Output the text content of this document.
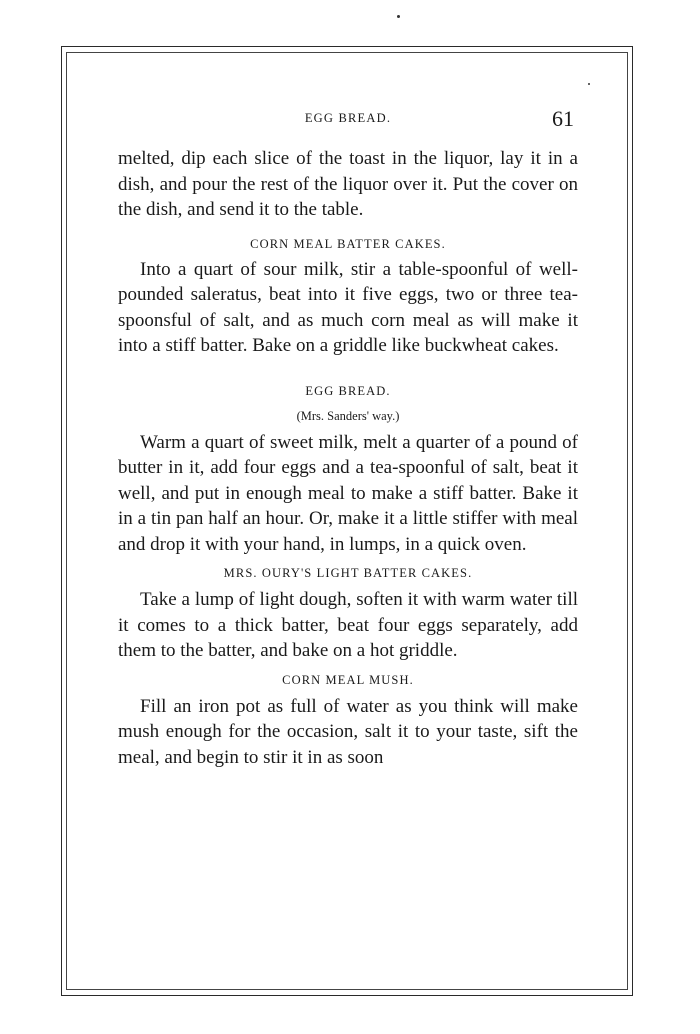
EGG BREAD.	61

melted, dip each slice of the toast in the liquor, lay it in a dish, and pour the rest of the liquor over it. Put the cover on the dish, and send it to the table.

CORN MEAL BATTER CAKES.

Into a quart of sour milk, stir a table-spoonful of well-pounded saleratus, beat into it five eggs, two or three tea-spoonsful of salt, and as much corn meal as will make it into a stiff batter. Bake on a griddle like buckwheat cakes.

EGG BREAD.

(Mrs. Sanders' way.)

Warm a quart of sweet milk, melt a quarter of a pound of butter in it, add four eggs and a tea-spoonful of salt, beat it well, and put in enough meal to make a stiff batter. Bake it in a tin pan half an hour. Or, make it a little stiffer with meal and drop it with your hand, in lumps, in a quick oven.

MRS. OURY'S LIGHT BATTER CAKES.

Take a lump of light dough, soften it with warm water till it comes to a thick batter, beat four eggs separately, add them to the batter, and bake on a hot griddle.

CORN MEAL MUSH.

Fill an iron pot as full of water as you think will make mush enough for the occasion, salt it to your taste, sift the meal, and begin to stir it in as soon
